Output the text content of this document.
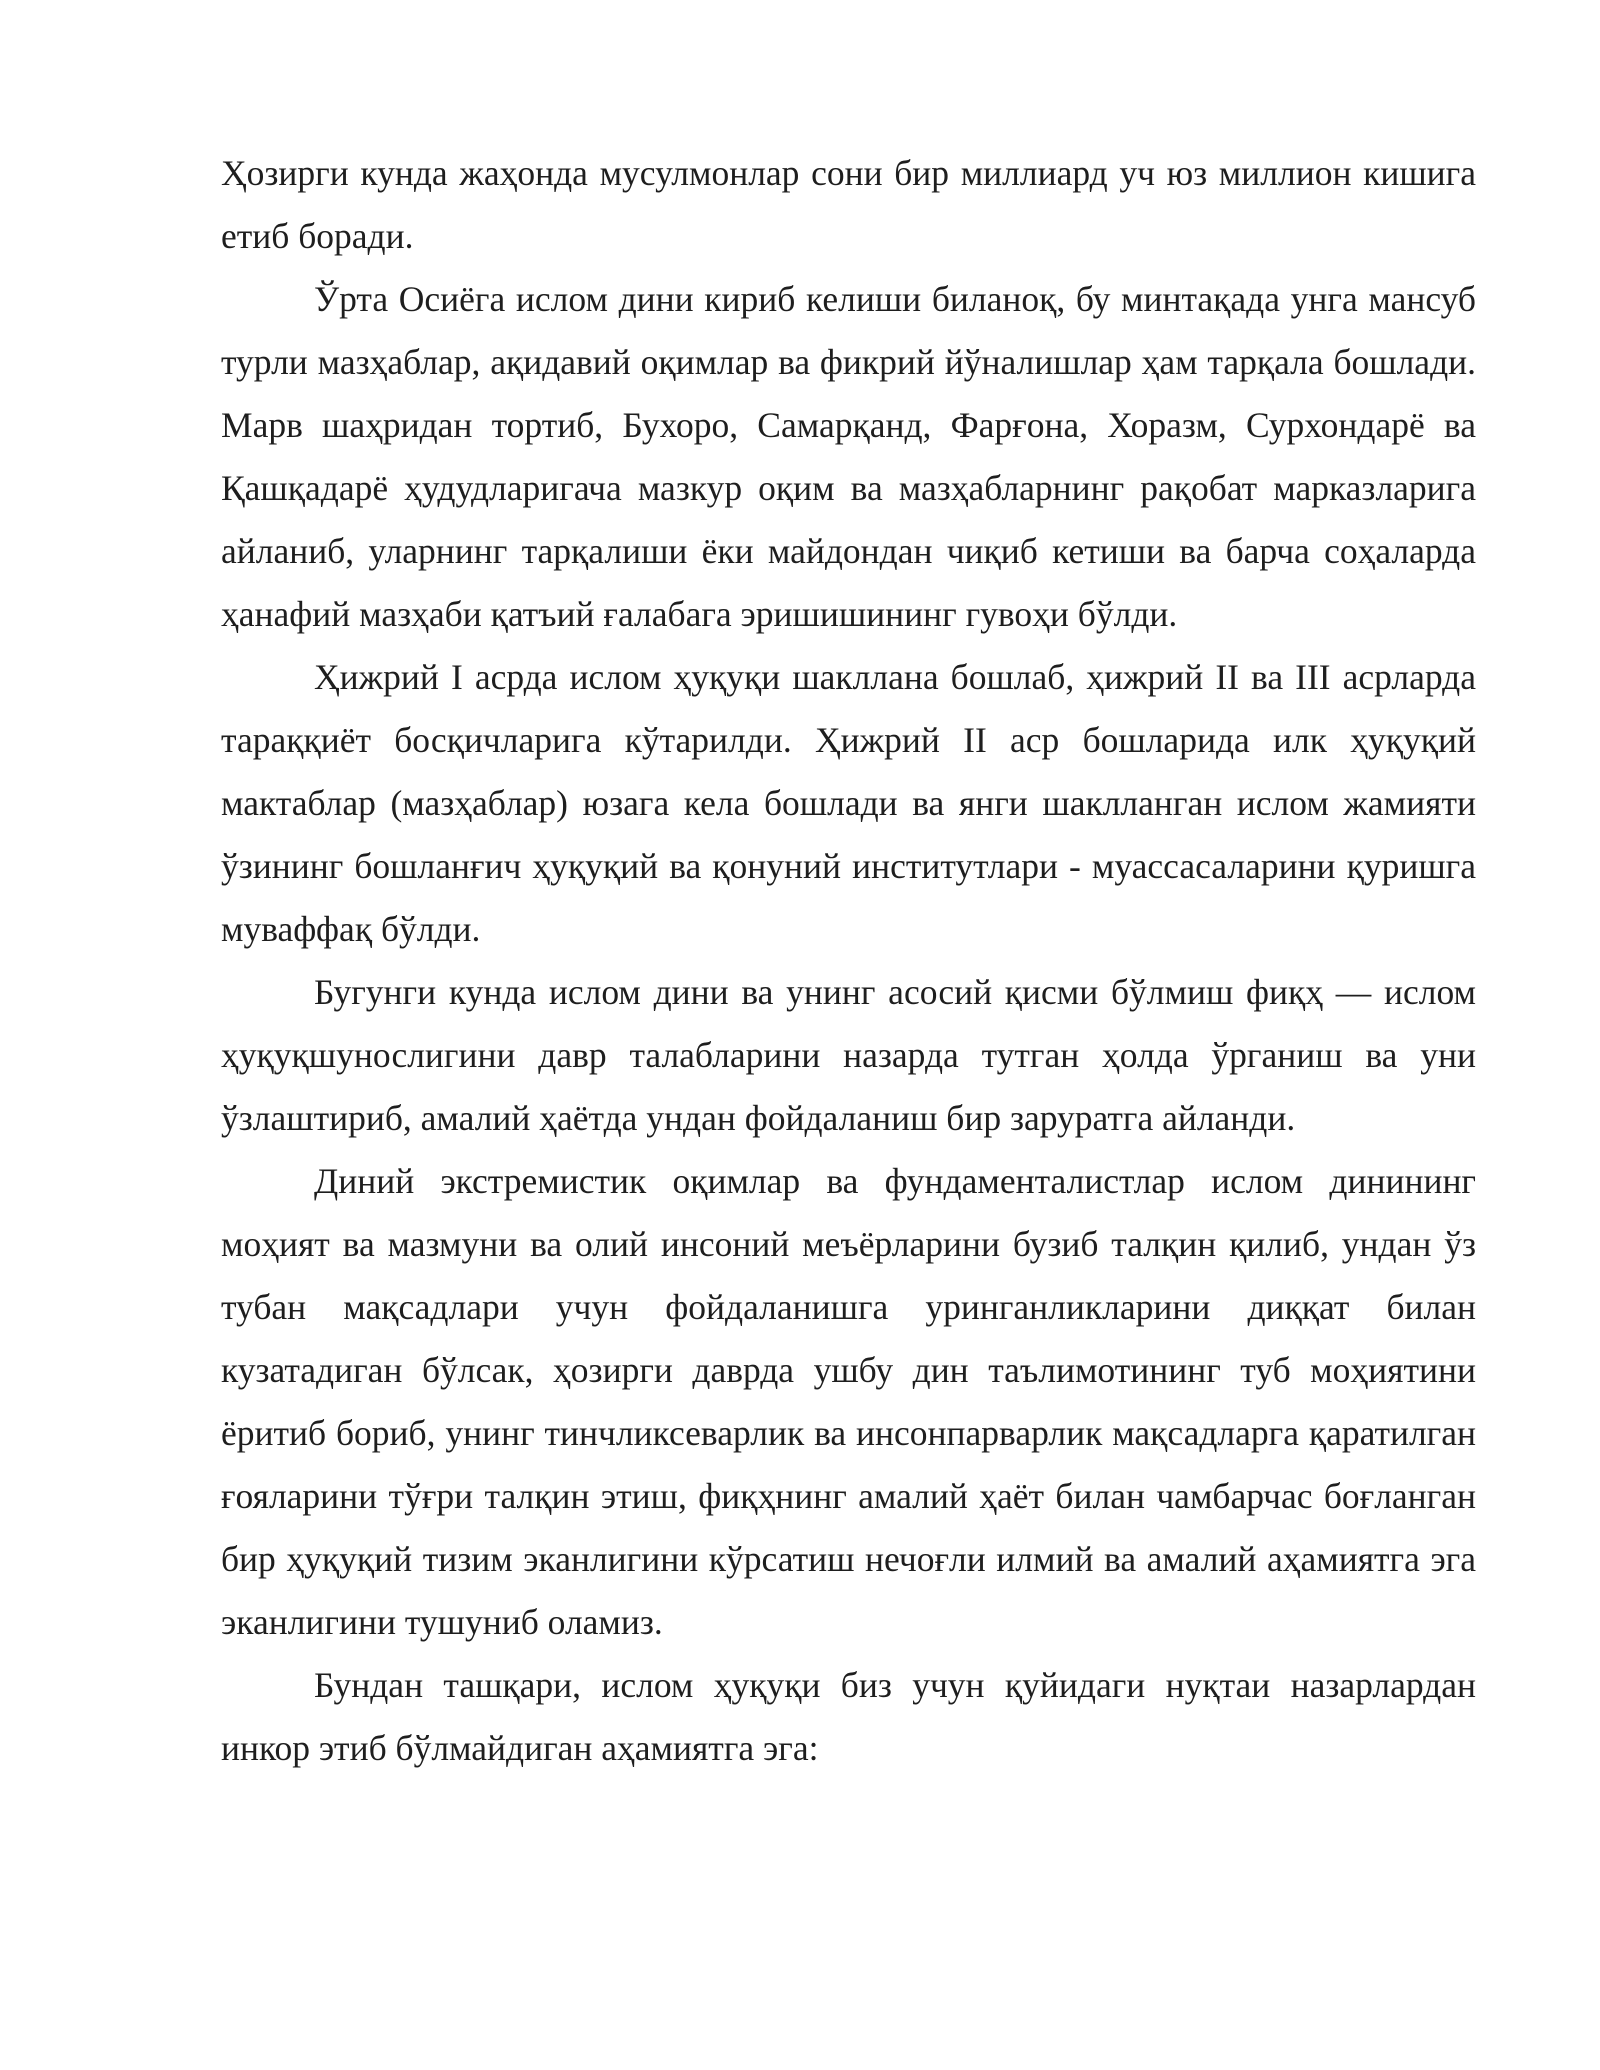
Ҳозирги кунда жаҳонда мусулмонлар сони бир миллиард уч юз миллион кишига етиб боради.

Ўрта Осиёга ислом дини кириб келиши биланоқ, бу минтақада унга мансуб турли мазҳаблар, ақидавий оқимлар ва фикрий йўналишлар ҳам тарқала бошлади. Марв шаҳридан тортиб, Бухоро, Самарқанд, Фарғона, Хоразм, Сурхондарё ва Қашқадарё ҳудудларигача мазкур оқим ва мазҳабларнинг рақобат марказларига айланиб, уларнинг тарқалиши ёки майдондан чиқиб кетиши ва барча соҳаларда ҳанафий мазҳаби қатъий ғалабага эришишининг гувоҳи бўлди.

Ҳижрий I асрда ислом ҳуқуқи шакллана бошлаб, ҳижрий II ва III асрларда тараққиёт босқичларига кўтарилди. Ҳижрий II аср бошларида илк ҳуқуқий мактаблар (мазҳаблар) юзага кела бошлади ва янги шаклланган ислом жамияти ўзининг бошланғич ҳуқуқий ва қонуний институтлари - муассасаларини қуришга муваффақ бўлди.

Бугунги кунда ислом дини ва унинг асосий қисми бўлмиш фиқҳ — ислом ҳуқуқшунослигини давр талабларини назарда тутган ҳолда ўрганиш ва уни ўзлаштириб, амалий ҳаётда ундан фойдаланиш бир заруратга айланди.

Диний экстремистик оқимлар ва фундаменталистлар ислом динининг моҳият ва мазмуни ва олий инсоний меъёрларини бузиб талқин қилиб, ундан ўз тубан мақсадлари учун фойдаланишга уринганликларини диққат билан кузатадиган бўлсак, ҳозирги даврда ушбу дин таълимотининг туб моҳиятини ёритиб бориб, унинг тинчликсеварлик ва инсонпарварлик мақсадларга қаратилган ғояларини тўғри талқин этиш, фиқҳнинг амалий ҳаёт билан чамбарчас боғланган бир ҳуқуқий тизим эканлигини кўрсатиш нечоғли илмий ва амалий аҳамиятга эга эканлигини тушуниб оламиз.

Бундан ташқари, ислом ҳуқуқи биз учун қуйидаги нуқтаи назарлардан инкор этиб бўлмайдиган аҳамиятга эга:
